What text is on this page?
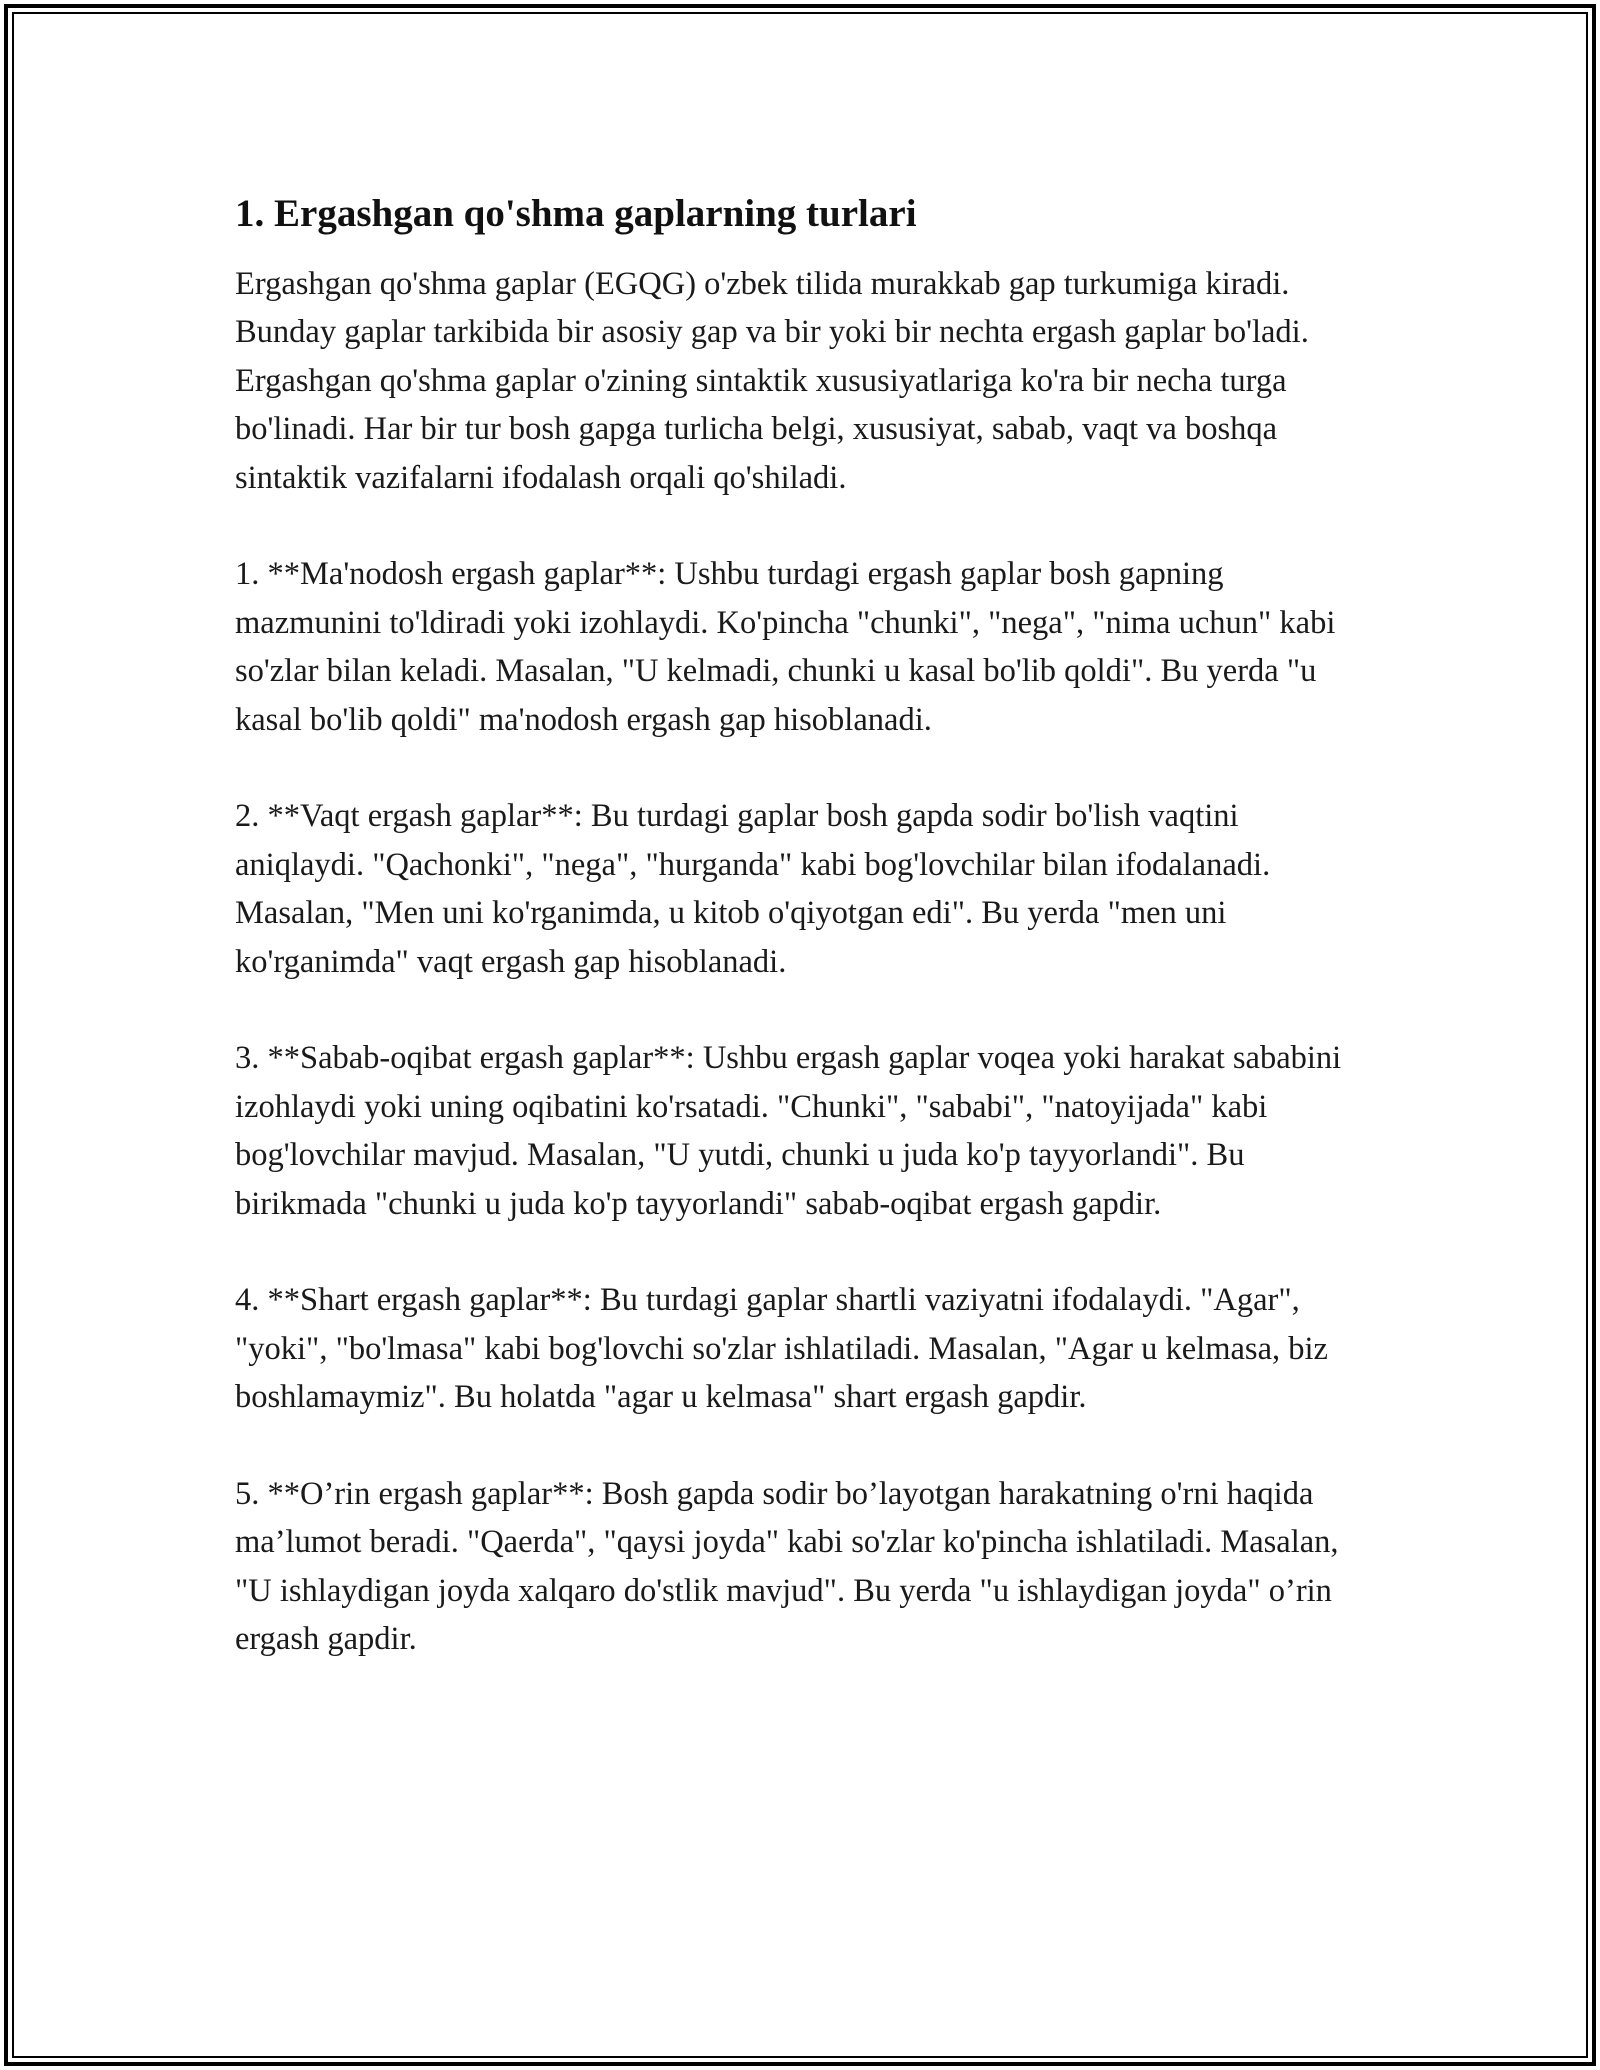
1. Ergashgan qo'shma gaplarning turlari

Ergashgan qo'shma gaplar (EGQG) o'zbek tilida murakkab gap turkumiga kiradi. Bunday gaplar tarkibida bir asosiy gap va bir yoki bir nechta ergash gaplar bo'ladi. Ergashgan qo'shma gaplar o'zining sintaktik xususiyatlariga ko'ra bir necha turga bo'linadi. Har bir tur bosh gapga turlicha belgi, xususiyat, sabab, vaqt va boshqa sintaktik vazifalarni ifodalash orqali qo'shiladi.

1. **Ma'nodosh ergash gaplar**: Ushbu turdagi ergash gaplar bosh gapning mazmunini to'ldiradi yoki izohlaydi. Ko'pincha "chunki", "nega", "nima uchun" kabi so'zlar bilan keladi. Masalan, "U kelmadi, chunki u kasal bo'lib qoldi". Bu yerda "u kasal bo'lib qoldi" ma'nodosh ergash gap hisoblanadi.

2. **Vaqt ergash gaplar**: Bu turdagi gaplar bosh gapda sodir bo'lish vaqtini aniqlaydi. "Qachonki", "nega", "hurganda" kabi bog'lovchilar bilan ifodalanadi. Masalan, "Men uni ko'rganimda, u kitob o'qiyotgan edi". Bu yerda "men uni ko'rganimda" vaqt ergash gap hisoblanadi.

3. **Sabab-oqibat ergash gaplar**: Ushbu ergash gaplar voqea yoki harakat sababini izohlaydi yoki uning oqibatini ko'rsatadi. "Chunki", "sababi", "natoyijada" kabi bog'lovchilar mavjud. Masalan, "U yutdi, chunki u juda ko'p tayyorlandi". Bu birikmada "chunki u juda ko'p tayyorlandi" sabab-oqibat ergash gapdir.

4. **Shart ergash gaplar**: Bu turdagi gaplar shartli vaziyatni ifodalaydi. "Agar", "yoki", "bo'lmasa" kabi bog'lovchi so'zlar ishlatiladi. Masalan, "Agar u kelmasa, biz boshlamaymiz". Bu holatda "agar u kelmasa" shart ergash gapdir.

5. **O’rin ergash gaplar**: Bosh gapda sodir bo’layotgan harakatning o'rni haqida ma’lumot beradi. "Qaerda", "qaysi joyda" kabi so'zlar ko'pincha ishlatiladi. Masalan, "U ishlaydigan joyda xalqaro do'stlik mavjud". Bu yerda "u ishlaydigan joyda" o’rin ergash gapdir.
